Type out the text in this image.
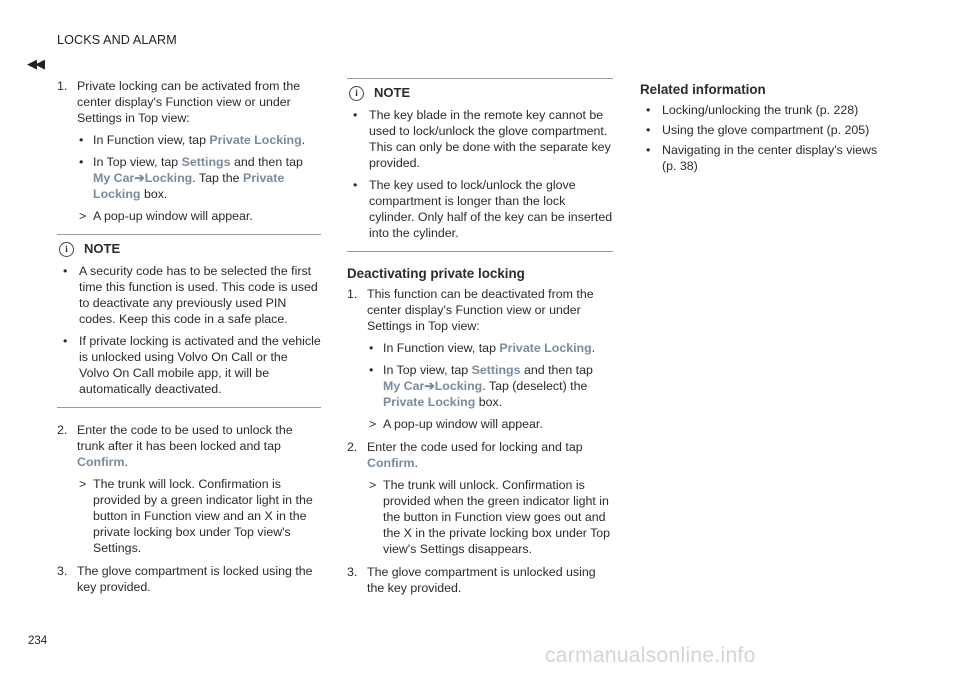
LOCKS AND ALARM
◀◀
1. Private locking can be activated from the center display's Function view or under Settings in Top view:
• In Function view, tap Private Locking.
• In Top view, tap Settings and then tap My Car➔Locking. Tap the Private Locking box.
> A pop-up window will appear.
i	NOTE
• A security code has to be selected the first time this function is used. This code is used to deactivate any previously used PIN codes. Keep this code in a safe place.
• If private locking is activated and the vehicle is unlocked using Volvo On Call or the Volvo On Call mobile app, it will be automatically deactivated.
2. Enter the code to be used to unlock the trunk after it has been locked and tap Confirm.
> The trunk will lock. Confirmation is provided by a green indicator light in the button in Function view and an X in the private locking box under Top view's Settings.
3. The glove compartment is locked using the key provided.
i	NOTE
• The key blade in the remote key cannot be used to lock/unlock the glove compartment. This can only be done with the separate key provided.
• The key used to lock/unlock the glove compartment is longer than the lock cylinder. Only half of the key can be inserted into the cylinder.
Deactivating private locking
1. This function can be deactivated from the center display's Function view or under Settings in Top view:
• In Function view, tap Private Locking.
• In Top view, tap Settings and then tap My Car➔Locking. Tap (deselect) the Private Locking box.
> A pop-up window will appear.
2. Enter the code used for locking and tap Confirm.
> The trunk will unlock. Confirmation is provided when the green indicator light in the button in Function view goes out and the X in the private locking box under Top view's Settings disappears.
3. The glove compartment is unlocked using the key provided.
Related information
• Locking/unlocking the trunk (p. 228)
• Using the glove compartment (p. 205)
• Navigating in the center display's views (p. 38)
234
carmanualsonline.info
